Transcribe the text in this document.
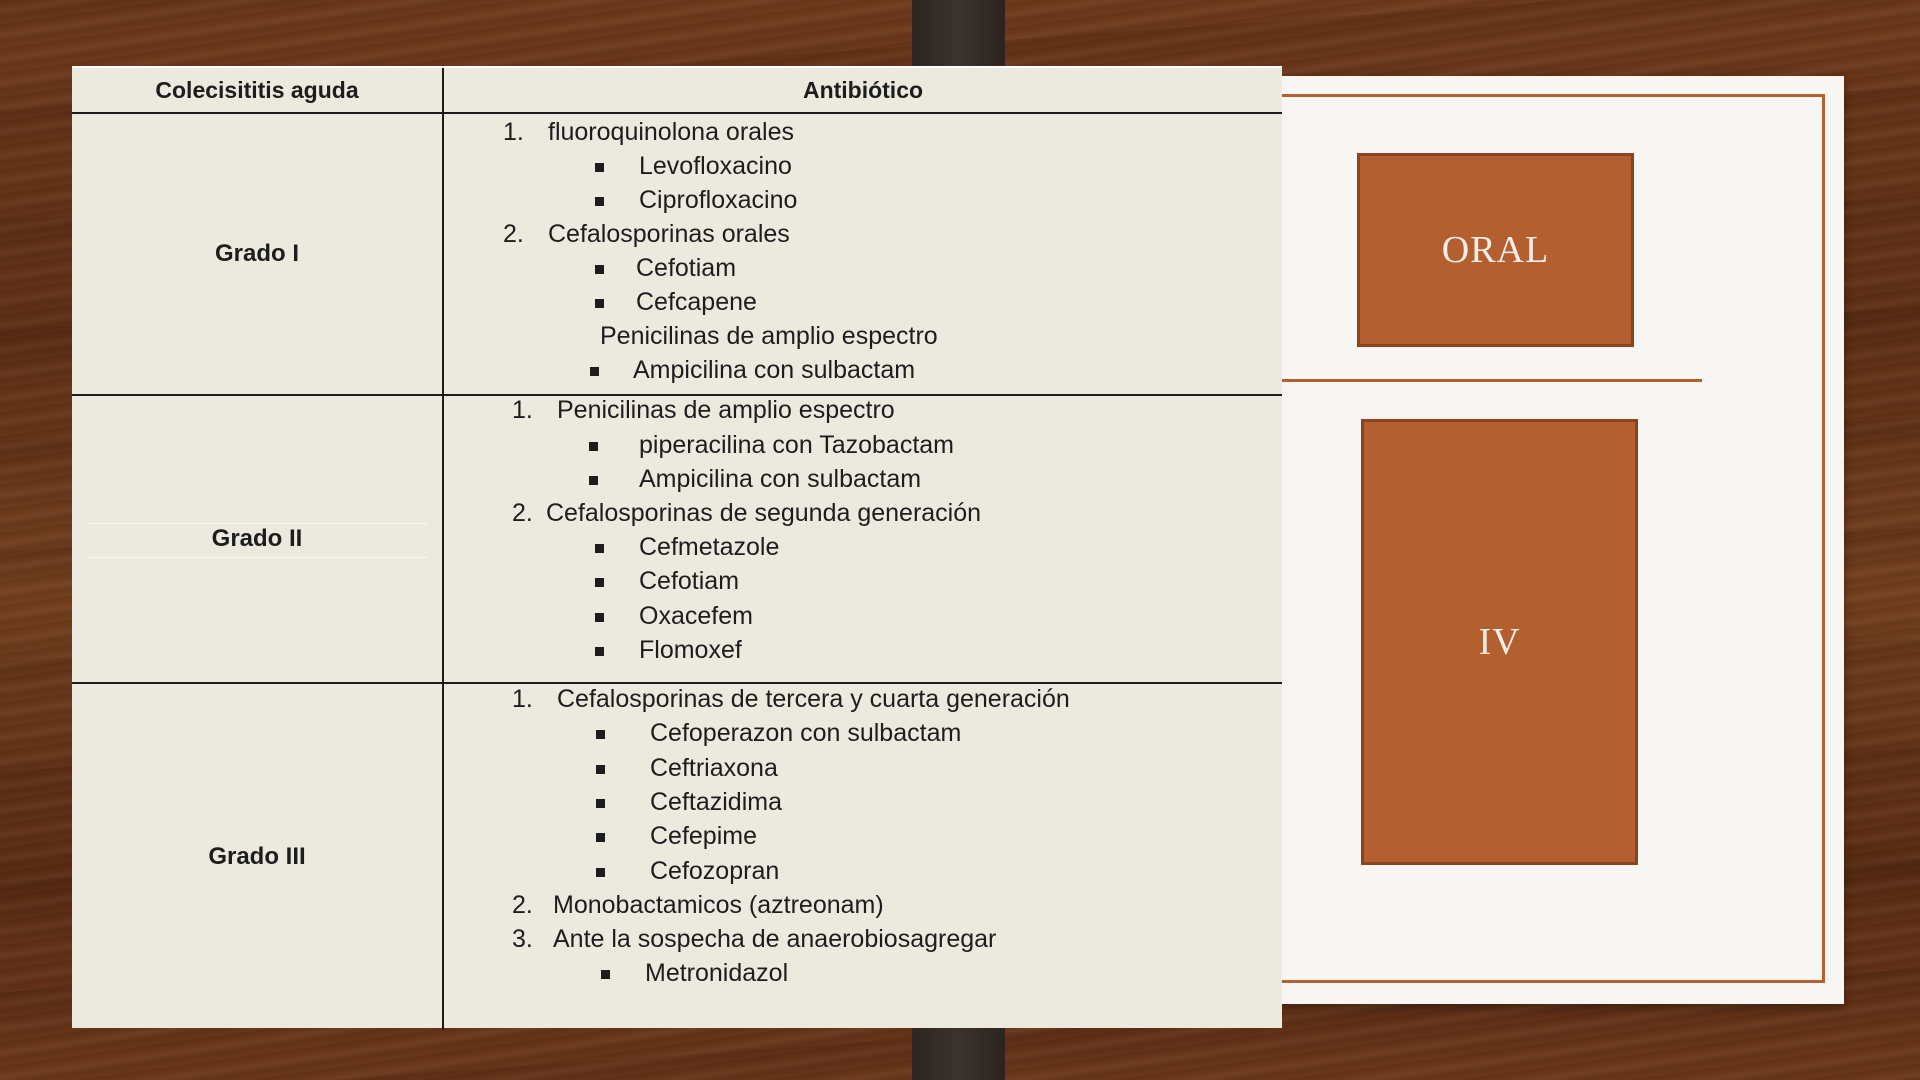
ORAL
IV
Colecisititis aguda	Antibiótico
Grado I
Grado II
Grado III
1. fluoroquinolona orales
Levofloxacino
Ciprofloxacino
2. Cefalosporinas orales
Cefotiam
Cefcapene
Penicilinas de amplio espectro
Ampicilina con sulbactam
1. Penicilinas de amplio espectro
piperacilina con Tazobactam
Ampicilina con sulbactam
2. Cefalosporinas de segunda generación
Cefmetazole
Cefotiam
Oxacefem
Flomoxef
1. Cefalosporinas de tercera y cuarta generación
Cefoperazon con sulbactam
Ceftriaxona
Ceftazidima
Cefepime
Cefozopran
2. Monobactamicos (aztreonam)
3. Ante la sospecha de anaerobiosagregar
Metronidazol
